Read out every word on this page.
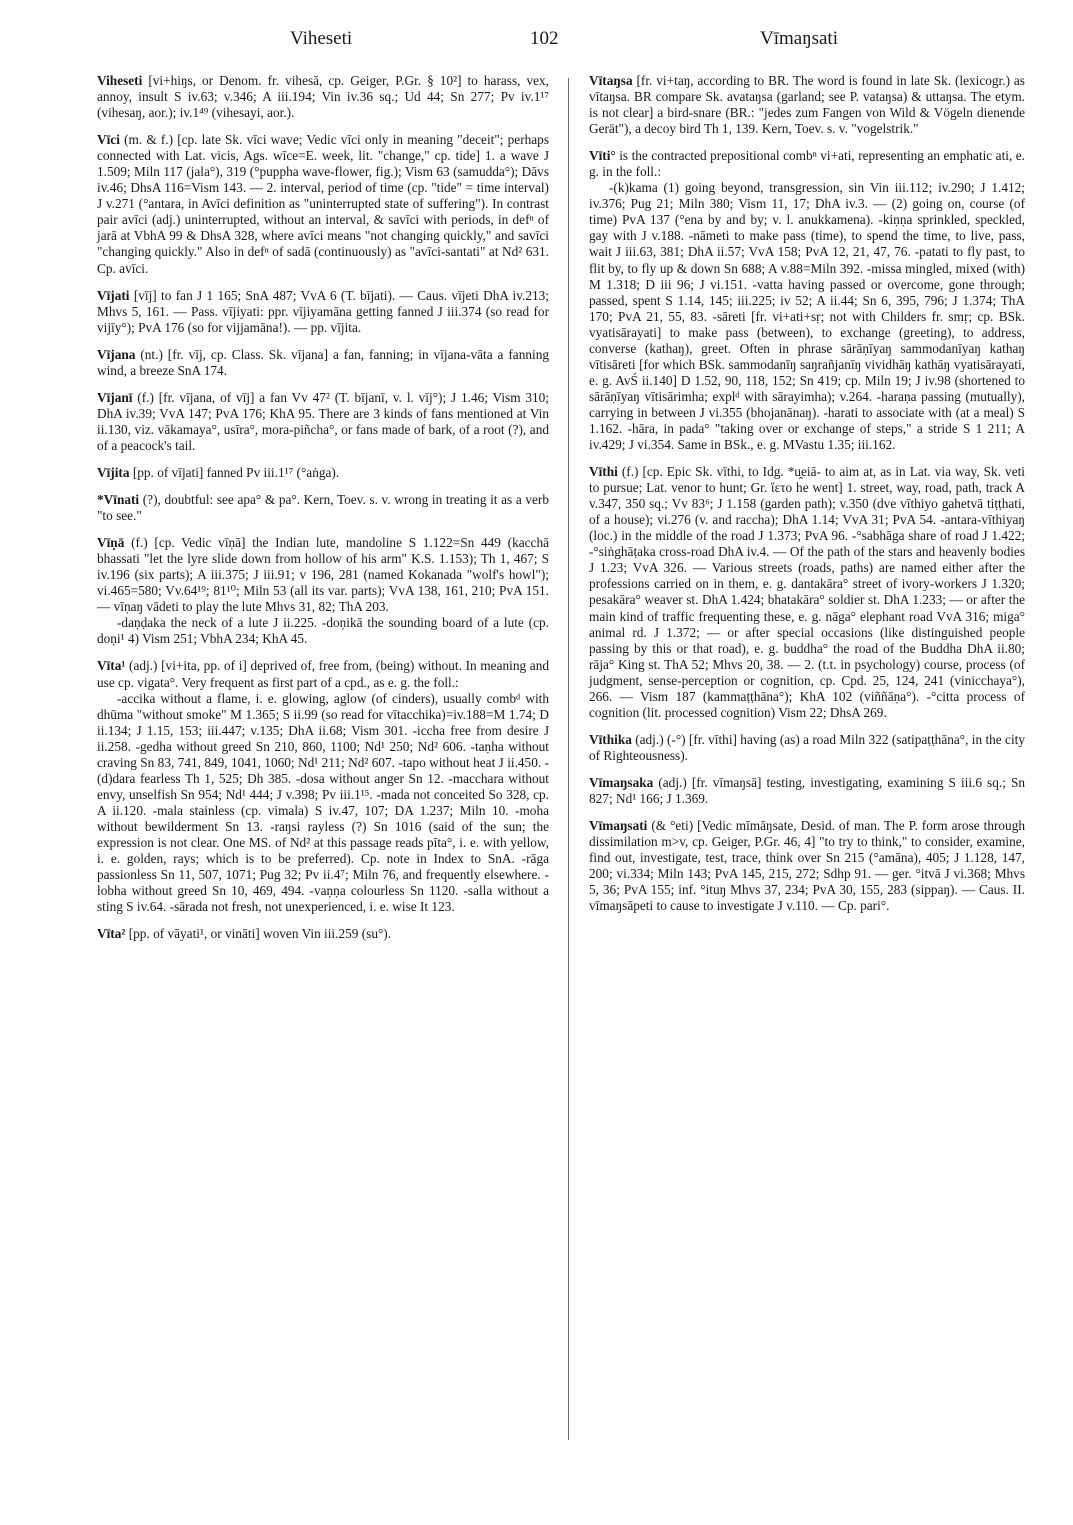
Viheseti	102	Vīmaŋsati

Viheseti [vi+hiŋs, or Denom. fr. vihesā, cp. Geiger, P.Gr. § 10²] to harass, vex, annoy, insult S iv.63; v.346; A iii.194; Vin iv.36 sq.; Ud 44; Sn 277; Pv iv.1¹⁷ (vihesaŋ, aor.); iv.1⁴⁹ (vihesayi, aor.).

Vīci (m. & f.) [cp. late Sk. vīci wave; Vedic vīci only in meaning "deceit"; perhaps connected with Lat. vicis, Ags. wīce=E. week, lit. "change," cp. tide] 1. a wave J 1.509; Miln 117 (jala°), 319 (°puppha wave-flower, fig.); Vism 63 (samudda°); Dāvs iv.46; DhsA 116=Vism 143. — 2. interval, period of time (cp. "tide" = time interval) J v.271 (°antara, in Avīci definition as "uninterrupted state of suffering"). In contrast pair avīci (adj.) uninterrupted, without an interval, & savīci with periods, in defⁿ of jarā at VbhA 99 & DhsA 328, where avīci means "not changing quickly," and savīci "changing quickly." Also in defⁿ of sadā (continuously) as "avīci-santati" at Nd² 631. Cp. avīci.

Vījati [vīj] to fan J 1 165; SnA 487; VvA 6 (T. bījati). — Caus. vījeti DhA iv.213; Mhvs 5, 161. — Pass. vījiyati: ppr. vījiyamāna getting fanned J iii.374 (so read for vijīy°); PvA 176 (so for vijjamāna!). — pp. vījita.

Vījana (nt.) [fr. vīj, cp. Class. Sk. vījana] a fan, fanning; in vījana-vāta a fanning wind, a breeze SnA 174.

Vījanī (f.) [fr. vījana, of vīj] a fan Vv 47² (T. bījanī, v. l. vīj°); J 1.46; Vism 310; DhA iv.39; VvA 147; PvA 176; KhA 95. There are 3 kinds of fans mentioned at Vin ii.130, viz. vākamaya°, usīra°, mora-piñcha°, or fans made of bark, of a root (?), and of a peacock's tail.

Vījita [pp. of vījati] fanned Pv iii.1¹⁷ (°aṅga).

*Vīnati (?), doubtful: see apa° & pa°. Kern, Toev. s. v. wrong in treating it as a verb "to see."

Vīṇā (f.) [cp. Vedic vīṇā] the Indian lute, mandoline S 1.122=Sn 449 (kacchā bhassati "let the lyre slide down from hollow of his arm" K.S. 1.153); Th 1, 467; S iv.196 (six parts); A iii.375; J iii.91; v 196, 281 (named Kokanada "wolf's howl"); vi.465=580; Vv.64¹⁹; 81¹⁰; Miln 53 (all its var. parts); VvA 138, 161, 210; PvA 151. — vīṇaŋ vādeti to play the lute Mhvs 31, 82; ThA 203.

-daṇḍaka the neck of a lute J ii.225. -doṇikā the sounding board of a lute (cp. doṇi¹ 4) Vism 251; VbhA 234; KhA 45.

Vīta¹ (adj.) [vi+ita, pp. of i] deprived of, free from, (being) without. In meaning and use cp. vigata°. Very frequent as first part of a cpd., as e. g. the foll.:

-accika without a flame, i. e. glowing, aglow (of cinders), usually combᵈ with dhūma "without smoke" M 1.365; S ii.99 (so read for vītacchika)=iv.188=M 1.74; D ii.134; J 1.15, 153; iii.447; v.135; DhA ii.68; Vism 301. -iccha free from desire J ii.258. -gedha without greed Sn 210, 860, 1100; Nd¹ 250; Nd² 606. -taṇha without craving Sn 83, 741, 849, 1041, 1060; Nd¹ 211; Nd² 607. -tapo without heat J ii.450. -(d)dara fearless Th 1, 525; Dh 385. -dosa without anger Sn 12. -macchara without envy, unselfish Sn 954; Nd¹ 444; J v.398; Pv iii.1¹⁵. -mada not conceited So 328, cp. A ii.120. -mala stainless (cp. vimala) S iv.47, 107; DA 1.237; Miln 10. -moha without bewilderment Sn 13. -raŋsi rayless (?) Sn 1016 (said of the sun; the expression is not clear. One MS. of Nd² at this passage reads pīta°, i. e. with yellow, i. e. golden, rays; which is to be preferred). Cp. note in Index to SnA. -rāga passionless Sn 11, 507, 1071; Pug 32; Pv ii.4⁷; Miln 76, and frequently elsewhere. -lobha without greed Sn 10, 469, 494. -vaṇṇa colourless Sn 1120. -salla without a sting S iv.64. -sārada not fresh, not unexperienced, i. e. wise It 123.

Vīta² [pp. of vāyati¹, or vināti] woven Vin iii.259 (su°).

Vītaŋsa [fr. vi+taŋ, according to BR. The word is found in late Sk. (lexicogr.) as vītaŋsa. BR compare Sk. avataŋsa (garland; see P. vataŋsa) & uttaŋsa. The etym. is not clear] a bird-snare (BR.: "jedes zum Fangen von Wild & Vögeln dienende Gerät"), a decoy bird Th 1, 139. Kern, Toev. s. v. "vogelstrik."

Vīti° is the contracted prepositional combⁿ vi+ati, representing an emphatic ati, e. g. in the foll.:

-(k)kama (1) going beyond, transgression, sin Vin iii.112; iv.290; J 1.412; iv.376; Pug 21; Miln 380; Vism 11, 17; DhA iv.3. — (2) going on, course (of time) PvA 137 (°ena by and by; v. l. anukkamena). -kiṇṇa sprinkled, speckled, gay with J v.188. -nāmeti to make pass (time), to spend the time, to live, pass, wait J iii.63, 381; DhA ii.57; VvA 158; PvA 12, 21, 47, 76. -patati to fly past, to flit by, to fly up & down Sn 688; A v.88=Miln 392. -missa mingled, mixed (with) M 1.318; D iii 96; J vi.151. -vatta having passed or overcome, gone through; passed, spent S 1.14, 145; iii.225; iv 52; A ii.44; Sn 6, 395, 796; J 1.374; ThA 170; PvA 21, 55, 83. -sāreti [fr. vi+ati+sṛ; not with Childers fr. smṛ; cp. BSk. vyatisārayati] to make pass (between), to exchange (greeting), to address, converse (kathaŋ), greet. Often in phrase sārāṇīyaŋ sammodanīyaŋ kathaŋ vītisāreti [for which BSk. sammodanīŋ saŋrañjanīŋ vividhāŋ kathāŋ vyatisārayati, e. g. AvŚ ii.140] D 1.52, 90, 118, 152; Sn 419; cp. Miln 19; J iv.98 (shortened to sārāṇīyaŋ vītisārimha; explᵈ with sārayimha); v.264. -haraṇa passing (mutually), carrying in between J vi.355 (bhojanānaŋ). -harati to associate with (at a meal) S 1.162. -hāra, in pada° "taking over or exchange of steps," a stride S 1 211; A iv.429; J vi.354. Same in BSk., e. g. MVastu 1.35; iii.162.

Vīthi (f.) [cp. Epic Sk. vīthi, to Idg. *u̯eiā- to aim at, as in Lat. via way, Sk. veti to pursue; Lat. venor to hunt; Gr. ἵετο he went] 1. street, way, road, path, track A v.347, 350 sq.; Vv 83⁶; J 1.158 (garden path); v.350 (dve vīthiyo gahetvā tiṭṭhati, of a house); vi.276 (v. and raccha); DhA 1.14; VvA 31; PvA 54. -antara-vīthiyaŋ (loc.) in the middle of the road J 1.373; PvA 96. -°sabhāga share of road J 1.422; -°siṅghāṭaka cross-road DhA iv.4. — Of the path of the stars and heavenly bodies J 1.23; VvA 326. — Various streets (roads, paths) are named either after the professions carried on in them, e. g. dantakāra° street of ivory-workers J 1.320; pesakāra° weaver st. DhA 1.424; bhatakāra° soldier st. DhA 1.233; — or after the main kind of traffic frequenting these, e. g. nāga° elephant road VvA 316; miga° animal rd. J 1.372; — or after special occasions (like distinguished people passing by this or that road), e. g. buddha° the road of the Buddha DhA ii.80; rāja° King st. ThA 52; Mhvs 20, 38. — 2. (t.t. in psychology) course, process (of judgment, sense-perception or cognition, cp. Cpd. 25, 124, 241 (vinicchaya°), 266. — Vism 187 (kammaṭṭhāna°); KhA 102 (viññāṇa°). -°citta process of cognition (lit. processed cognition) Vism 22; DhsA 269.

Vīthika (adj.) (-°) [fr. vīthi] having (as) a road Miln 322 (satipaṭṭhāna°, in the city of Righteousness).

Vīmaŋsaka (adj.) [fr. vīmaŋsā] testing, investigating, examining S iii.6 sq.; Sn 827; Nd¹ 166; J 1.369.

Vīmaŋsati (& °eti) [Vedic mīmāŋsate, Desid. of man. The P. form arose through dissimilation m>v, cp. Geiger, P.Gr. 46, 4] "to try to think," to consider, examine, find out, investigate, test, trace, think over Sn 215 (°amāna), 405; J 1.128, 147, 200; vi.334; Miln 143; PvA 145, 215, 272; Sdhp 91. — ger. °itvā J vi.368; Mhvs 5, 36; PvA 155; inf. °ituŋ Mhvs 37, 234; PvA 30, 155, 283 (sippaŋ). — Caus. II. vīmaŋsāpeti to cause to investigate J v.110. — Cp. pari°.
